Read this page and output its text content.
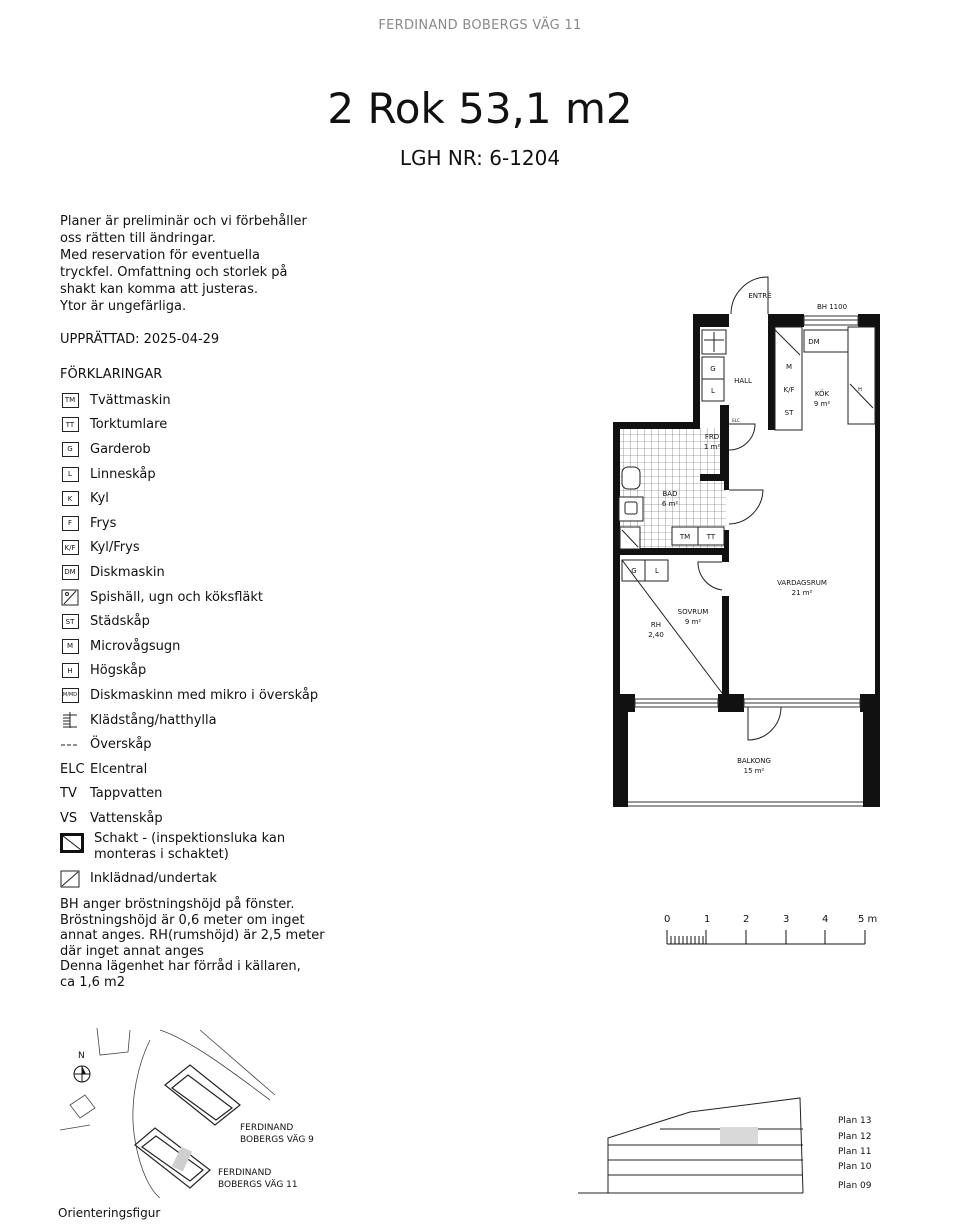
FERDINAND BOBERGS VÄG 11
2 Rok 53,1 m2
LGH NR: 6-1204
Planer är preliminär och vi förbehåller
oss rätten till ändringar.
Med reservation för eventuella
tryckfel. Omfattning och storlek på
shakt kan komma att justeras.
Ytor är ungefärliga.
UPPRÄTTAD: 2025-04-29
FÖRKLARINGAR
TM Tvättmaskin
TT	Torktumlare
G	Garderob
L	Linneskåp
K	Kyl
F	Frys
K/F Kyl/Frys
DM Diskmaskin
Spishäll, ugn och köksfläkt
ST	Städskåp
M	Microvågsugn
H	Högskåp
M/MD Diskmaskinn med mikro i överskåp
Klädstång/hatthylla
Överskåp
ELC Elcentral
TV	Tappvatten
VS Vattenskåp
Schakt - (inspektionsluka kan monteras i schaktet)
Inklädnad/undertak
BH anger bröstningshöjd på fönster.
Bröstningshöjd är 0,6 meter om inget
annat anges. RH(rumshöjd) är 2,5 meter
där inget annat anges
Denna lägenhet har förråd i källaren,
ca 1,6 m2
ENTRÉ
BH 1100
HALL
KÖK
9 m²
FRD
1 m²
BAD
6 m²
VARDAGSRUM
21 m²
SOVRUM
9 m²
RH
2,40
BALKONG
15 m²
G
L
M
K/F
ST
DM
TM TT
G	L
ELC
H
0	1	2	3	4	5 m
N
FERDINAND
BOBERGS VÄG 9
FERDINAND
BOBERGS VÄG 11
Orienteringsfigur
Plan 13
Plan 12
Plan 11
Plan 10
Plan 09
